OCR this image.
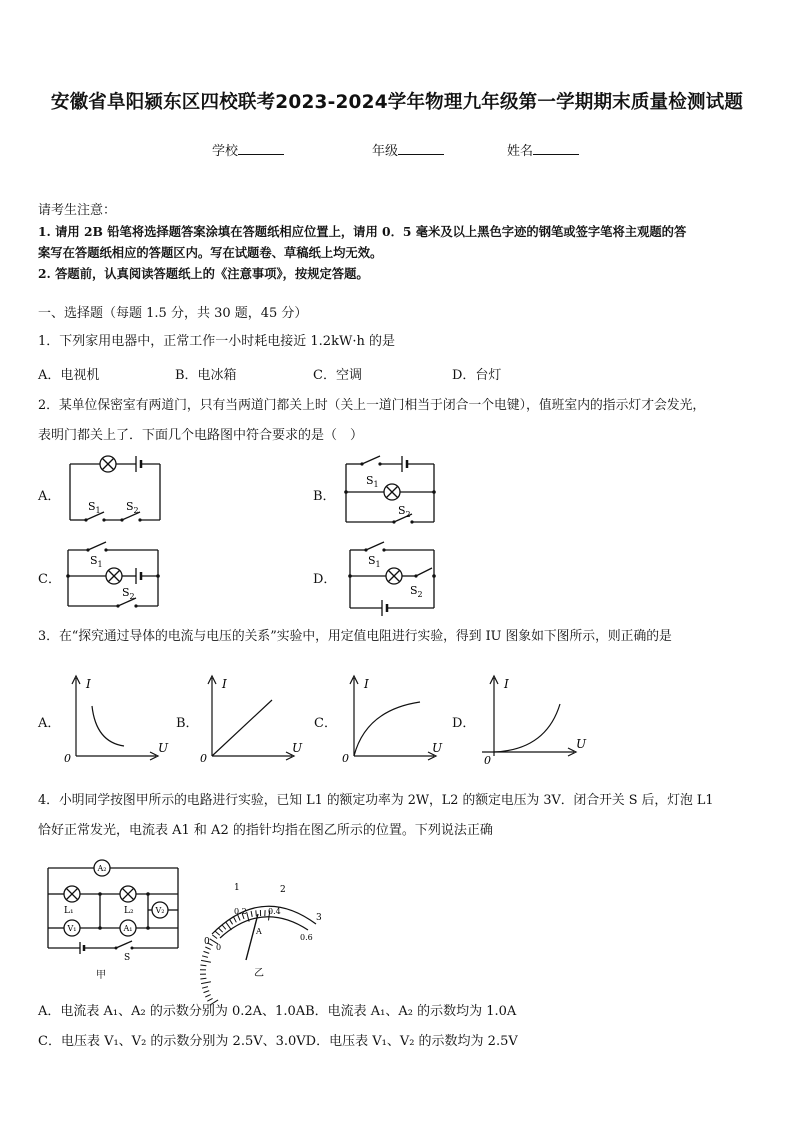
安徽省阜阳颍东区四校联考2023-2024学年物理九年级第一学期期末质量检测试题
学校	年级	姓名
请考生注意：
1. 请用 2B 铅笔将选择题答案涂填在答题纸相应位置上，请用 0．5 毫米及以上黑色字迹的钢笔或签字笔将主观题的答
案写在答题纸相应的答题区内。写在试题卷、草稿纸上均无效。
2. 答题前，认真阅读答题纸上的《注意事项》，按规定答题。
一、选择题（每题 1.5 分，共 30 题，45 分）
1．下列家用电器中，正常工作一小时耗电接近 1.2kW·h 的是
A．电视机	B．电冰箱	C．空调	D．台灯
2．某单位保密室有两道门，只有当两道门都关上时（关上一道门相当于闭合一个电键），值班室内的指示灯才会发光，
表明门都关上了．下面几个电路图中符合要求的是（　）
A．	B．
C．	D．
$S_1$ $S_2$
$S_1$
$S_2$
$S_1$
$S_2$
$S_1$
$S_2$
3．在“探究通过导体的电流与电压的关系”实验中，用定值电阻进行实验，得到 IU 图象如下图所示，则正确的是
A．	B．	C．	D．
I
U
0
I
U
0
I
U
0
I
U
0
4．小明同学按图甲所示的电路进行实验，已知 L1 的额定功率为 2W，L2 的额定电压为 3V．闭合开关 S 后，灯泡 L1
恰好正常发光，电流表 A1 和 A2 的指针均指在图乙所示的位置。下列说法正确
A₂
L₁	L₂	V₂
V₁	A₁
S
甲
0
1	2
3
0
0.2	0.4
0.6
A
乙
A．电流表 A₁、A₂ 的示数分别为 0.2A、1.0AB．电流表 A₁、A₂ 的示数均为 1.0A
C．电压表 V₁、V₂ 的示数分别为 2.5V、3.0VD．电压表 V₁、V₂ 的示数均为 2.5V
